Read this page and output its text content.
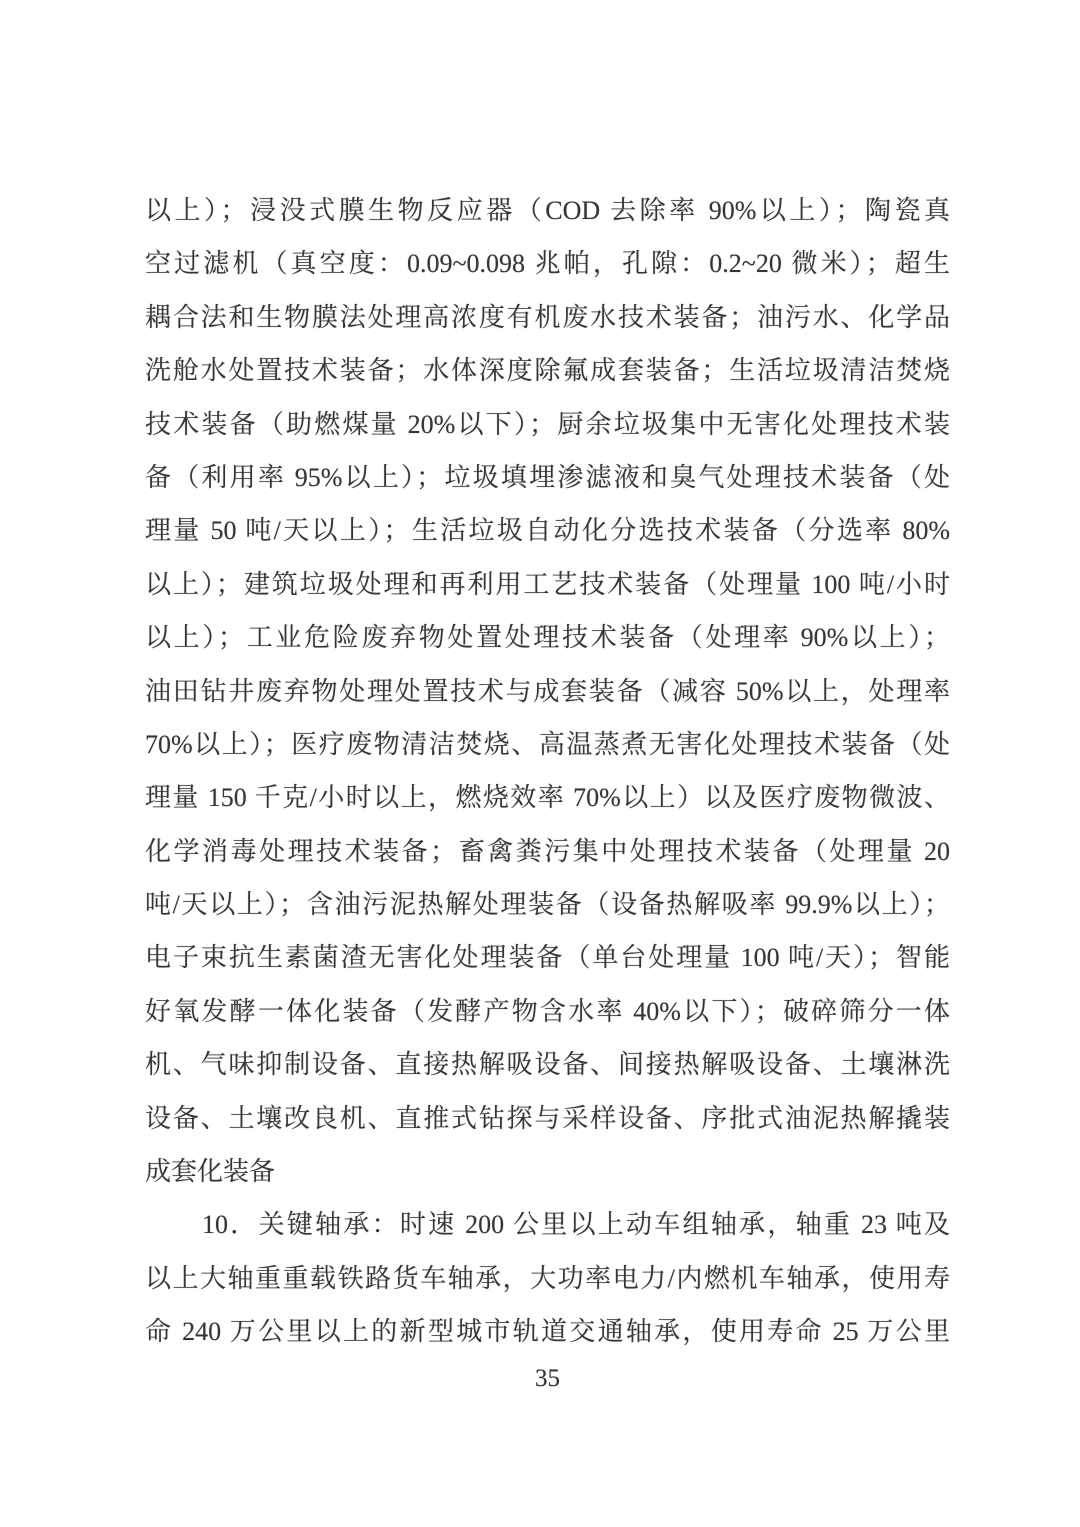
以上）；浸没式膜生物反应器（COD 去除率 90%以上）；陶瓷真
空过滤机（真空度：0.09~0.098 兆帕，孔隙：0.2~20 微米）；超生
耦合法和生物膜法处理高浓度有机废水技术装备；油污水、化学品
洗舱水处置技术装备；水体深度除氟成套装备；生活垃圾清洁焚烧
技术装备（助燃煤量 20%以下）；厨余垃圾集中无害化处理技术装
备（利用率 95%以上）；垃圾填埋渗滤液和臭气处理技术装备（处
理量 50 吨/天以上）；生活垃圾自动化分选技术装备（分选率 80%
以上）；建筑垃圾处理和再利用工艺技术装备（处理量 100 吨/小时
以上）；工业危险废弃物处置处理技术装备（处理率 90%以上）；
油田钻井废弃物处理处置技术与成套装备（减容 50%以上，处理率
70%以上）；医疗废物清洁焚烧、高温蒸煮无害化处理技术装备（处
理量 150 千克/小时以上，燃烧效率 70%以上）以及医疗废物微波、
化学消毒处理技术装备；畜禽粪污集中处理技术装备（处理量 20
吨/天以上）；含油污泥热解处理装备（设备热解吸率 99.9%以上）；
电子束抗生素菌渣无害化处理装备（单台处理量 100 吨/天）；智能
好氧发酵一体化装备（发酵产物含水率 40%以下）；破碎筛分一体
机、气味抑制设备、直接热解吸设备、间接热解吸设备、土壤淋洗
设备、土壤改良机、直推式钻探与采样设备、序批式油泥热解撬装
成套化装备
10．关键轴承：时速 200 公里以上动车组轴承，轴重 23 吨及
以上大轴重重载铁路货车轴承，大功率电力/内燃机车轴承，使用寿
命 240 万公里以上的新型城市轨道交通轴承，使用寿命 25 万公里
35
